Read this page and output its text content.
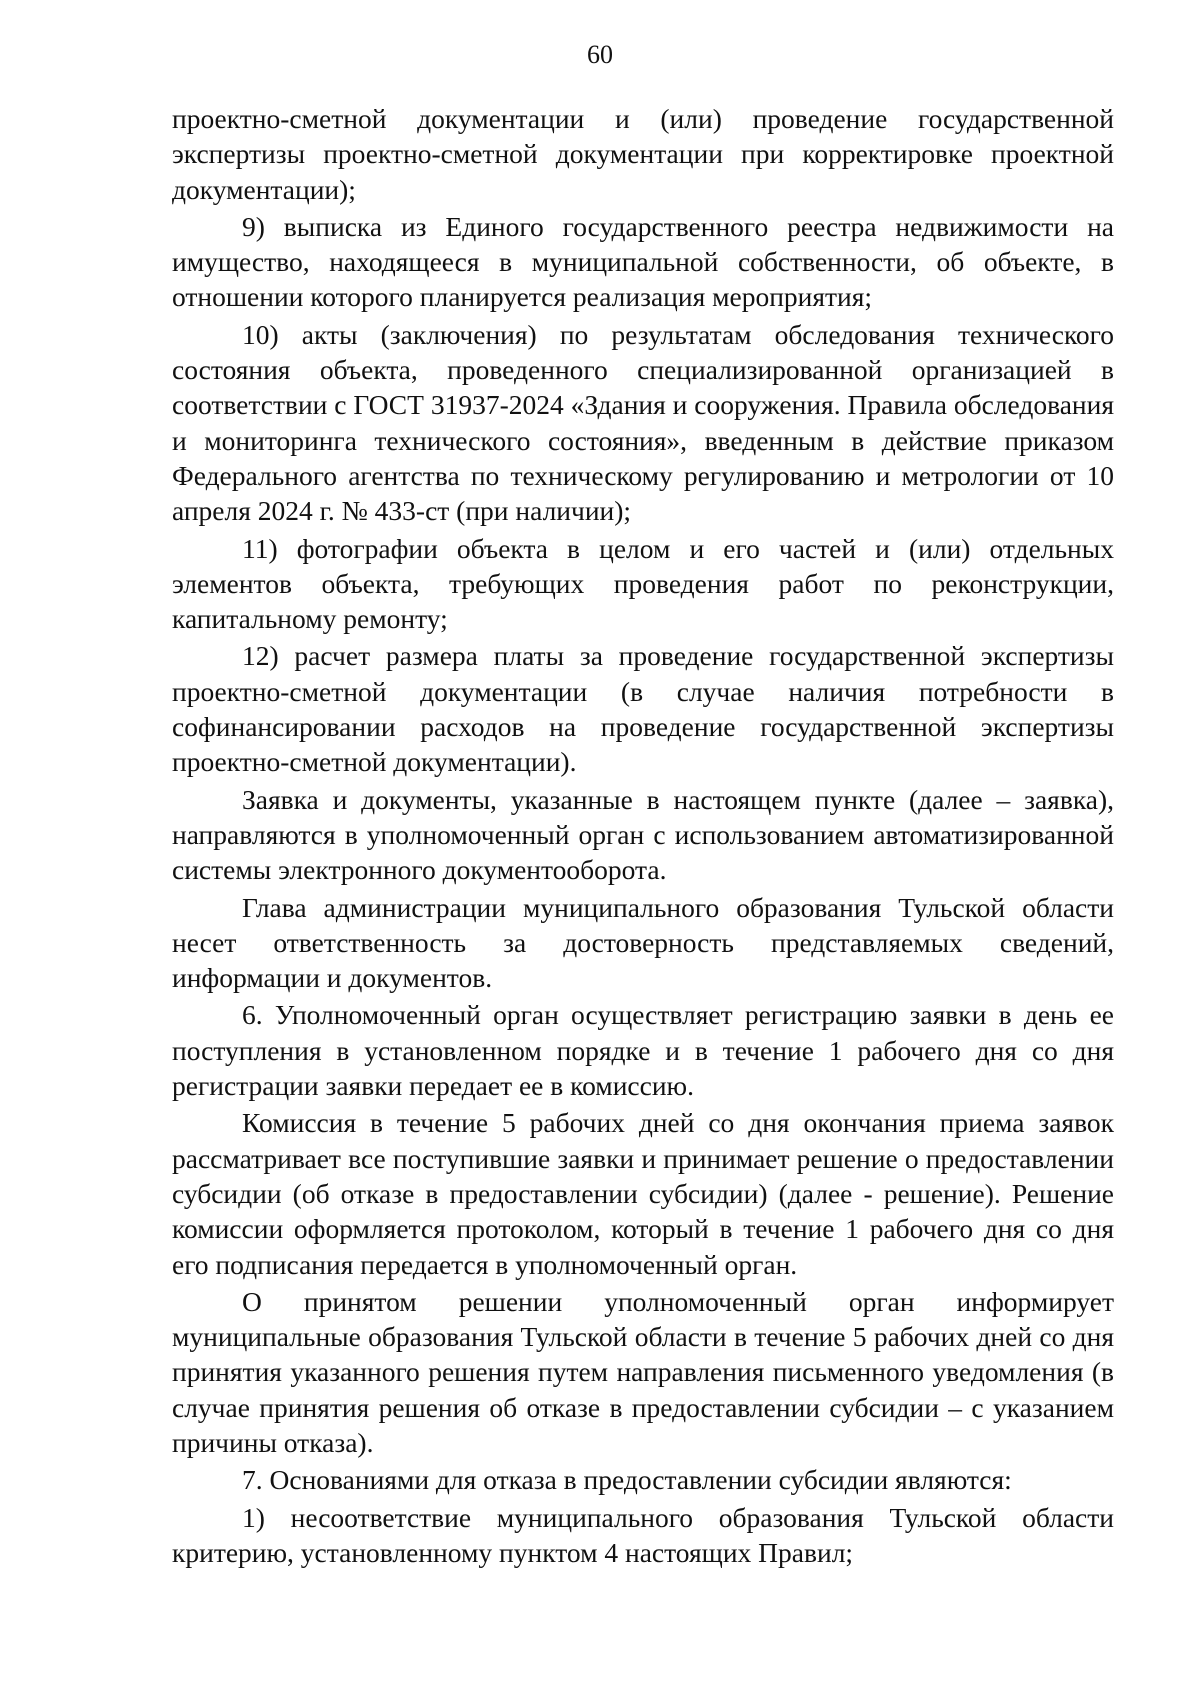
60

проектно-сметной документации и (или) проведение государственной экспертизы проектно-сметной документации при корректировке проектной документации);

9) выписка из Единого государственного реестра недвижимости на имущество, находящееся в муниципальной собственности, об объекте, в отношении которого планируется реализация мероприятия;

10) акты (заключения) по результатам обследования технического состояния объекта, проведенного специализированной организацией в соответствии с ГОСТ 31937-2024 «Здания и сооружения. Правила обследования и мониторинга технического состояния», введенным в действие приказом Федерального агентства по техническому регулированию и метрологии от 10 апреля 2024 г. № 433-ст (при наличии);

11) фотографии объекта в целом и его частей и (или) отдельных элементов объекта, требующих проведения работ по реконструкции, капитальному ремонту;

12) расчет размера платы за проведение государственной экспертизы проектно-сметной документации (в случае наличия потребности в софинансировании расходов на проведение государственной экспертизы проектно-сметной документации).

Заявка и документы, указанные в настоящем пункте (далее – заявка), направляются в уполномоченный орган с использованием автоматизированной системы электронного документооборота.

Глава администрации муниципального образования Тульской области несет ответственность за достоверность представляемых сведений, информации и документов.

6. Уполномоченный орган осуществляет регистрацию заявки в день ее поступления в установленном порядке и в течение 1 рабочего дня со дня регистрации заявки передает ее в комиссию.

Комиссия в течение 5 рабочих дней со дня окончания приема заявок рассматривает все поступившие заявки и принимает решение о предоставлении субсидии (об отказе в предоставлении субсидии) (далее - решение). Решение комиссии оформляется протоколом, который в течение 1 рабочего дня со дня его подписания передается в уполномоченный орган.

О принятом решении уполномоченный орган информирует муниципальные образования Тульской области в течение 5 рабочих дней со дня принятия указанного решения путем направления письменного уведомления (в случае принятия решения об отказе в предоставлении субсидии – с указанием причины отказа).

7. Основаниями для отказа в предоставлении субсидии являются:

1) несоответствие муниципального образования Тульской области критерию, установленному пунктом 4 настоящих Правил;
